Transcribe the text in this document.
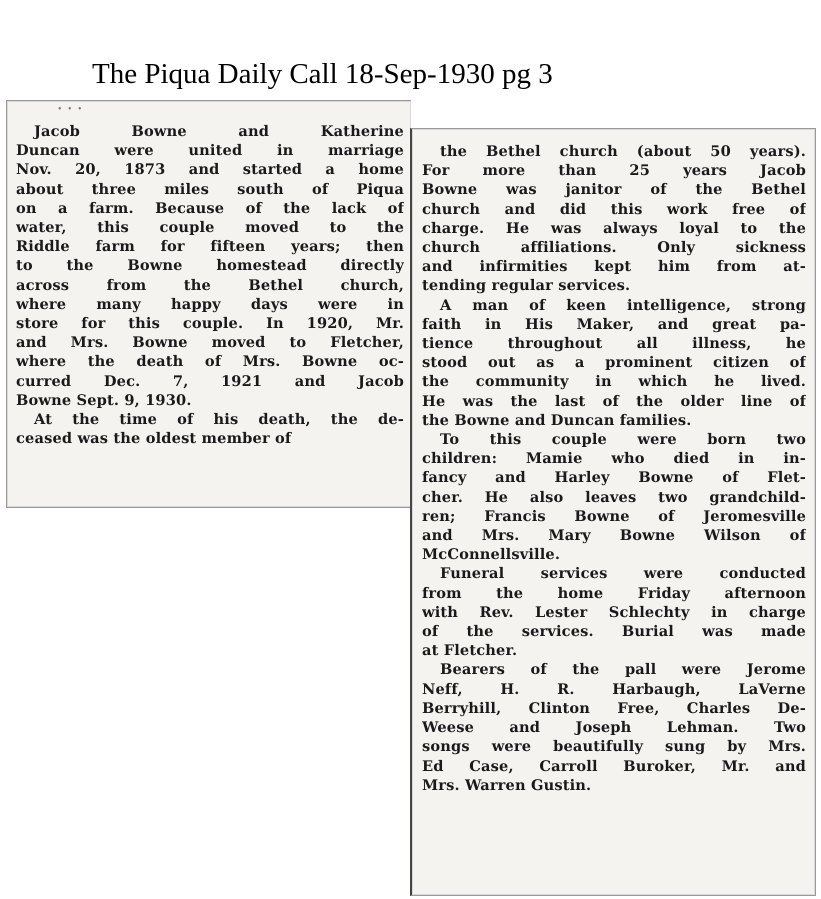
The Piqua Daily Call 18-Sep-1930 pg 3
• • •
Jacob Bowne and Katherine
Duncan were united in marriage
Nov. 20, 1873 and started a home
about three miles south of Piqua
on a farm. Because of the lack of
water, this couple moved to the
Riddle farm for fifteen years; then
to the Bowne homestead directly
across from the Bethel church,
where many happy days were in
store for this couple. In 1920, Mr.
and Mrs. Bowne moved to Fletcher,
where the death of Mrs. Bowne oc-
curred Dec. 7, 1921 and Jacob
Bowne Sept. 9, 1930.
At the time of his death, the de-
ceased was the oldest member of
the Bethel church (about 50 years).
For more than 25 years Jacob
Bowne was janitor of the Bethel
church and did this work free of
charge. He was always loyal to the
church affiliations. Only sickness
and infirmities kept him from at-
tending regular services.
A man of keen intelligence, strong
faith in His Maker, and great pa-
tience throughout all illness, he
stood out as a prominent citizen of
the community in which he lived.
He was the last of the older line of
the Bowne and Duncan families.
To this couple were born two
children: Mamie who died in in-
fancy and Harley Bowne of Flet-
cher. He also leaves two grandchild-
ren; Francis Bowne of Jeromesville
and Mrs. Mary Bowne Wilson of
McConnellsville.
Funeral services were conducted
from the home Friday afternoon
with Rev. Lester Schlechty in charge
of the services. Burial was made
at Fletcher.
Bearers of the pall were Jerome
Neff, H. R. Harbaugh, LaVerne
Berryhill, Clinton Free, Charles De-
Weese and Joseph Lehman. Two
songs were beautifully sung by Mrs.
Ed Case, Carroll Buroker, Mr. and
Mrs. Warren Gustin.
